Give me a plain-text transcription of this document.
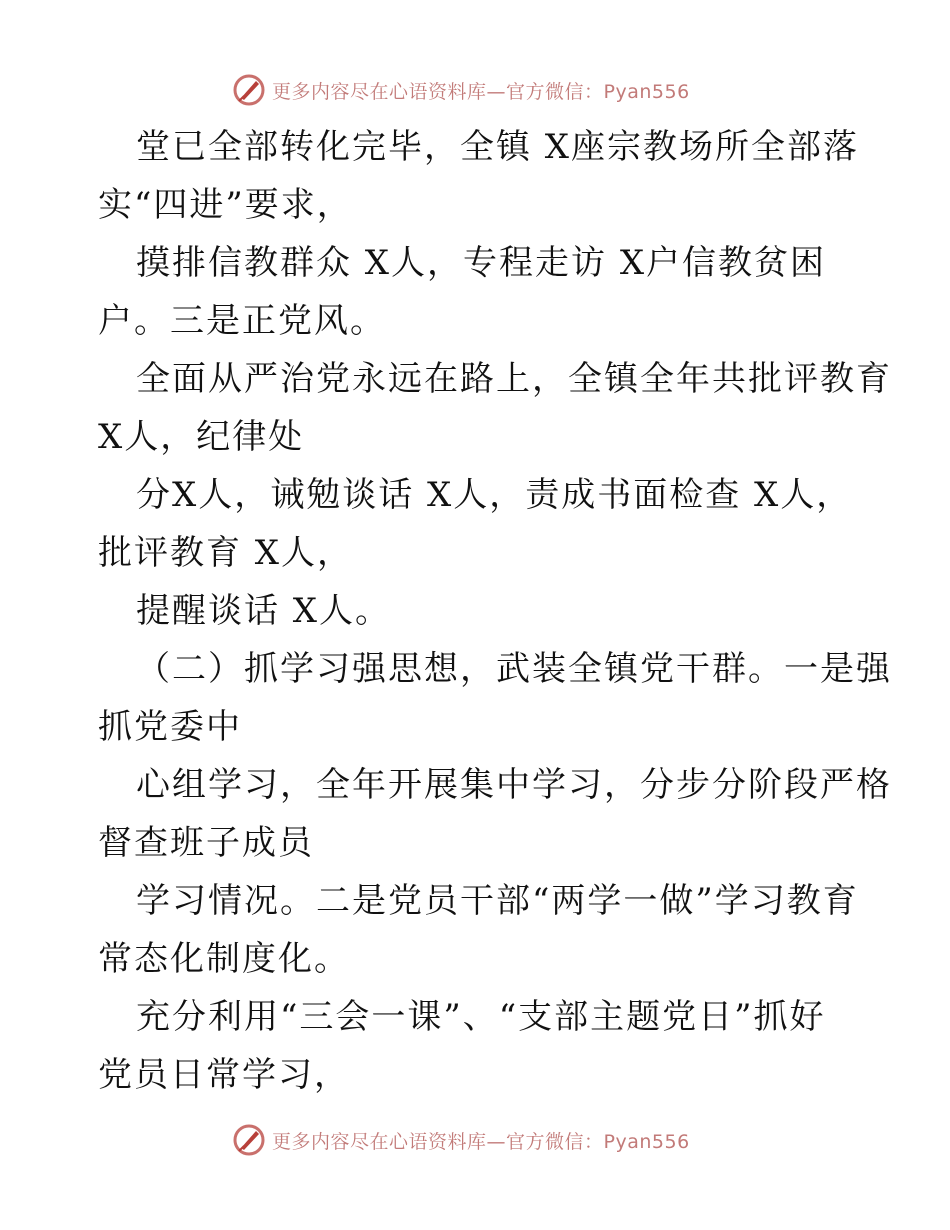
更多内容尽在心语资料库—官方微信：Pyan556
堂已全部转化完毕，全镇 X座宗教场所全部落
实“四进”要求，
摸排信教群众 X人，专程走访 X户信教贫困
户。三是正党风。
全面从严治党永远在路上，全镇全年共批评教育
X人，纪律处
分X人，诫勉谈话 X人，责成书面检查 X人，
批评教育 X人，
提醒谈话 X人。
（二）抓学习强思想，武装全镇党干群。一是强
抓党委中
心组学习，全年开展集中学习，分步分阶段严格
督查班子成员
学习情况。二是党员干部“两学一做”学习教育
常态化制度化。
充分利用“三会一课”、“支部主题党日”抓好
党员日常学习，
更多内容尽在心语资料库—官方微信：Pyan556
